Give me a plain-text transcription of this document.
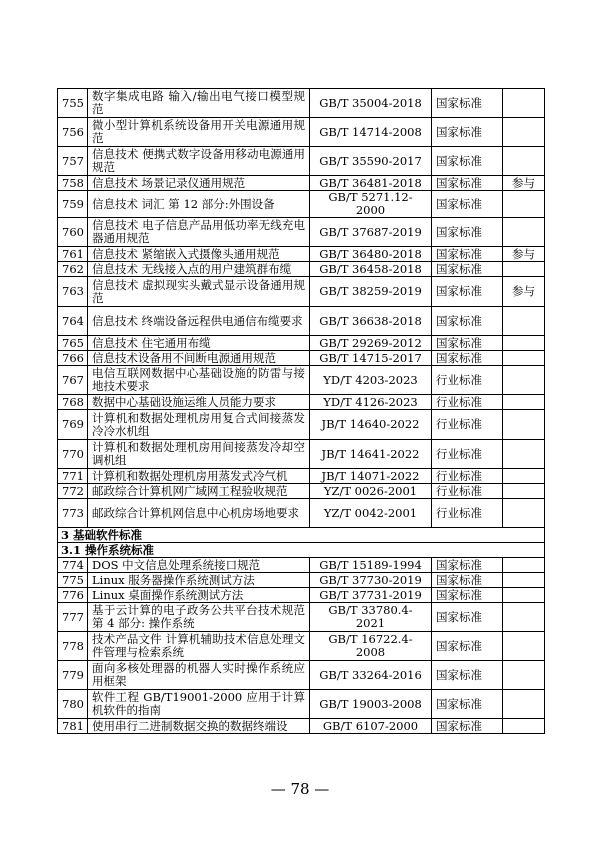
755	数字集成电路 输入/输出电气接口模型规范	GB/T 35004-2018	国家标准	
756	微小型计算机系统设备用开关电源通用规范	GB/T 14714-2008	国家标准	
757	信息技术 便携式数字设备用移动电源通用规范	GB/T 35590-2017	国家标准	
758	信息技术 场景记录仪通用规范	GB/T 36481-2018	国家标准	参与
759	信息技术 词汇 第 12 部分:外围设备	GB/T 5271.12-2000	国家标准	
760	信息技术 电子信息产品用低功率无线充电器通用规范	GB/T 37687-2019	国家标准	
761	信息技术 紧缩嵌入式摄像头通用规范	GB/T 36480-2018	国家标准	参与
762	信息技术 无线接入点的用户建筑群布缆	GB/T 36458-2018	国家标准	
763	信息技术 虚拟现实头戴式显示设备通用规范	GB/T 38259-2019	国家标准	参与
764	信息技术 终端设备远程供电通信布缆要求	GB/T 36638-2018	国家标准	
765	信息技术 住宅通用布缆	GB/T 29269-2012	国家标准	
766	信息技术设备用不间断电源通用规范	GB/T 14715-2017	国家标准	
767	电信互联网数据中心基础设施的防雷与接地技术要求	YD/T 4203-2023	行业标准	
768	数据中心基础设施运维人员能力要求	YD/T 4126-2023	行业标准	
769	计算机和数据处理机房用复合式间接蒸发冷冷水机组	JB/T 14640-2022	行业标准	
770	计算机和数据处理机房用间接蒸发冷却空调机组	JB/T 14641-2022	行业标准	
771	计算机和数据处理机房用蒸发式冷气机	JB/T 14071-2022	行业标准	
772	邮政综合计算机网广域网工程验收规范	YZ/T 0026-2001	行业标准	
773	邮政综合计算机网信息中心机房场地要求	YZ/T 0042-2001	行业标准	
3 基础软件标准				
3.1 操作系统标准				
774	DOS 中文信息处理系统接口规范	GB/T 15189-1994	国家标准	
775	Linux 服务器操作系统测试方法	GB/T 37730-2019	国家标准	
776	Linux 桌面操作系统测试方法	GB/T 37731-2019	国家标准	
777	基于云计算的电子政务公共平台技术规范 第 4 部分: 操作系统	GB/T 33780.4-2021	国家标准	
778	技术产品文件 计算机辅助技术信息处理文件管理与检索系统	GB/T 16722.4-2008	国家标准	
779	面向多核处理器的机器人实时操作系统应用框架	GB/T 33264-2016	国家标准	
780	软件工程 GB/T19001-2000 应用于计算机软件的指南	GB/T 19003-2008	国家标准	
781	使用串行二进制数据交换的数据终端设	GB/T 6107-2000	国家标准	
— 78 —
